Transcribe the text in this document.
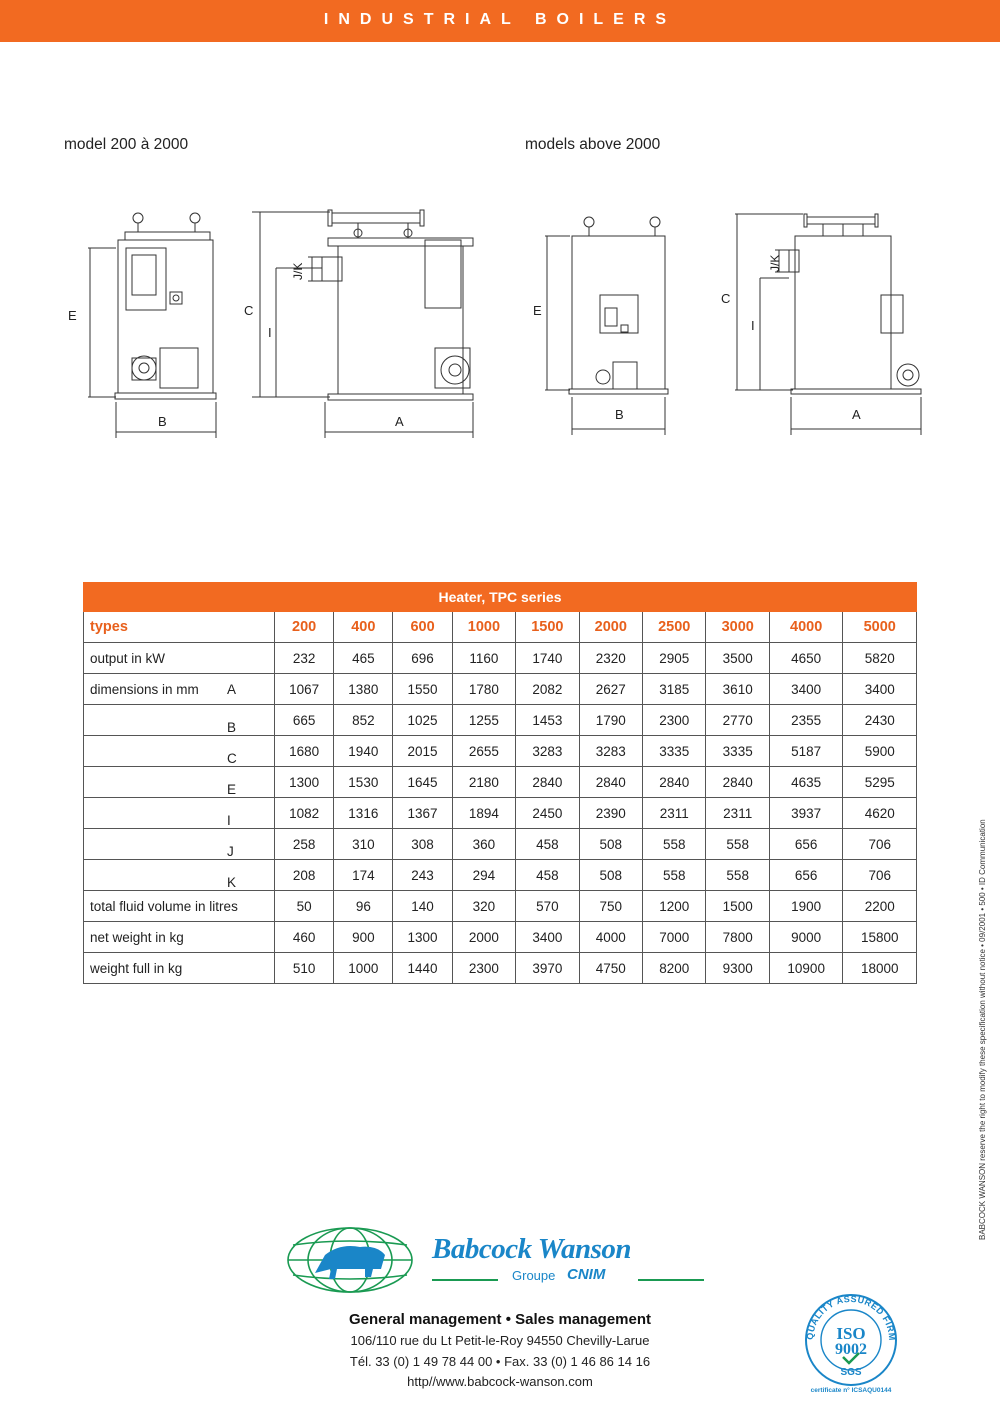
INDUSTRIAL BOILERS
model 200 à 2000	models above 2000
E
B
C
I
J/K
A
E
B
C
I
J/K
A
Heater, TPC series										
types	200	400	600	1000	1500	2000	2500	3000	4000	5000
output in kW	232	465	696	1160	1740	2320	2905	3500	4650	5820
dimensions in mm A	1067	1380	1550	1780	2082	2627	3185	3610	3400	3400

B	665	852	1025	1255	1453	1790	2300	2770	2355	2430

C	1680	1940	2015	2655	3283	3283	3335	3335	5187	5900

E	1300	1530	1645	2180	2840	2840	2840	2840	4635	5295

I	1082	1316	1367	1894	2450	2390	2311	2311	3937	4620

J	258	310	308	360	458	508	558	558	656	706

K	208	174	243	294	458	508	558	558	656	706
total fluid volume in litres	50	96	140	320	570	750	1200	1500	1900	2200
net weight in kg	460	900	1300	2000	3400	4000	7000	7800	9000	15800
weight full in kg	510	1000	1440	2300	3970	4750	8200	9300	10900	18000	BABCOCK WANSON reserve the right to modify these specification without notice • 09/2001 • 500 • ID Communication
Babcock Wanson
Groupe CNIM
General management • Sales management
106/110 rue du Lt Petit-le-Roy 94550 Chevilly-Larue
Tél. 33 (0) 1 49 78 44 00 • Fax. 33 (0) 1 46 86 14 16
http//www.babcock-wanson.com
QUALITY ASSURED FIRM
ISO
9002
SGS
certificate n° ICSAQU0144
